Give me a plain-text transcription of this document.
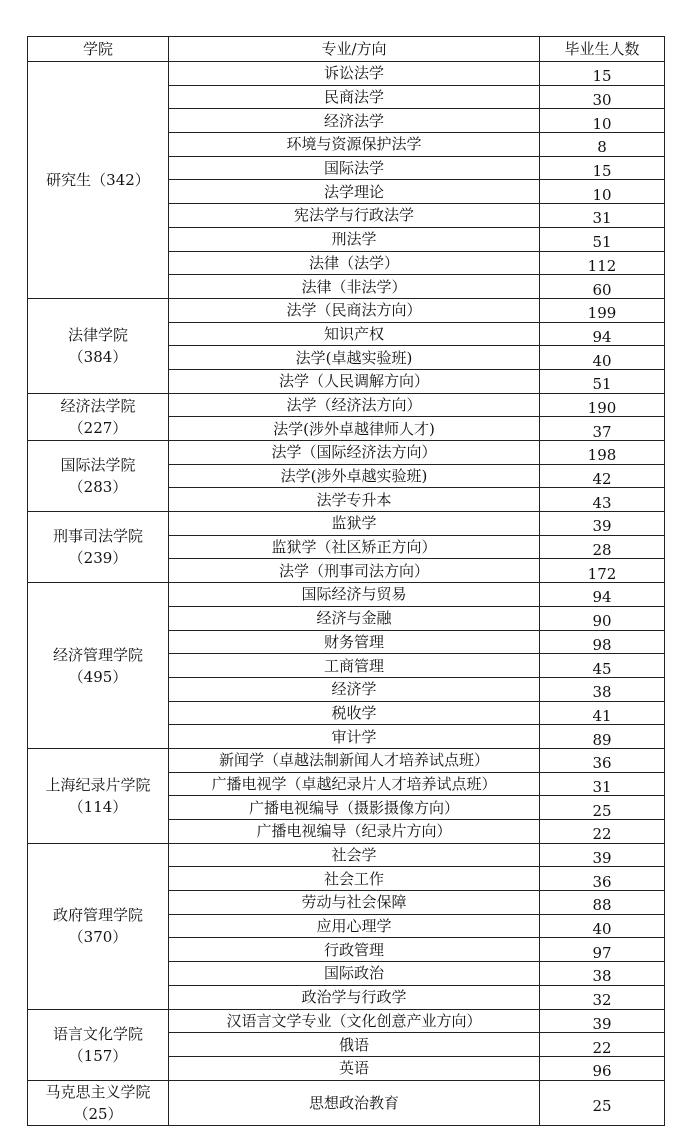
学院	专业/方向	毕业生人数

研究生（342）	诉讼法学	15
	民商法学	30
	经济法学	10
	环境与资源保护法学	8
	国际法学	15
	法学理论	10
	宪法学与行政法学	31
	刑法学	51
	法律（法学）	112
	法律（非法学）	60

法律学院
（384）	法学（民商法方向）	199
	知识产权	94
	法学(卓越实验班)	40
	法学（人民调解方向）	51

经济法学院
（227）	法学（经济法方向）	190
	法学(涉外卓越律师人才)	37

国际法学院
（283）	法学（国际经济法方向）	198
	法学(涉外卓越实验班)	42
	法学专升本	43

刑事司法学院
（239）	监狱学	39
	监狱学（社区矫正方向）	28
	法学（刑事司法方向）	172

经济管理学院
（495）	国际经济与贸易	94
	经济与金融	90
	财务管理	98
	工商管理	45
	经济学	38
	税收学	41
	审计学	89

上海纪录片学院
（114）	新闻学（卓越法制新闻人才培养试点班）	36
	广播电视学（卓越纪录片人才培养试点班）	31
	广播电视编导（摄影摄像方向）	25
	广播电视编导（纪录片方向）	22

政府管理学院
（370）	社会学	39
	社会工作	36
	劳动与社会保障	88
	应用心理学	40
	行政管理	97
	国际政治	38
	政治学与行政学	32

语言文化学院
（157）	汉语言文学专业（文化创意产业方向）	39
	俄语	22
	英语	96

马克思主义学院
（25）	思想政治教育	25
